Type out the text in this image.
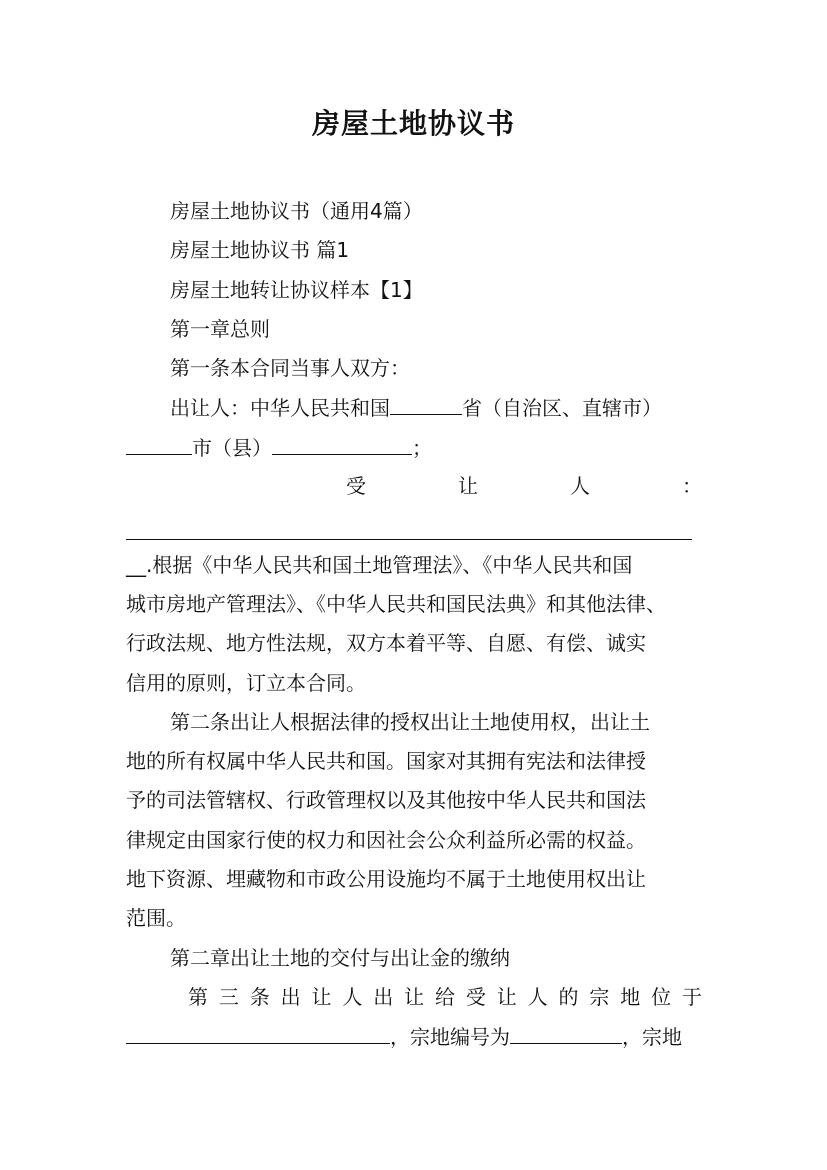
房屋土地协议书
房屋土地协议书（通用4篇）
房屋土地协议书 篇1
房屋土地转让协议样本【1】
第一章总则
第一条本合同当事人双方：
出让人：中华人民共和国	省（自治区、直辖市）
市（县）	；
受	让	人	：
__.根据《中华人民共和国土地管理法》、《中华人民共和国
城市房地产管理法》、《中华人民共和国民法典》和其他法律、
行政法规、地方性法规，双方本着平等、自愿、有偿、诚实
信用的原则，订立本合同。
第二条出让人根据法律的授权出让土地使用权，出让土
地的所有权属中华人民共和国。国家对其拥有宪法和法律授
予的司法管辖权、行政管理权以及其他按中华人民共和国法
律规定由国家行使的权力和因社会公众利益所必需的权益。
地下资源、埋藏物和市政公用设施均不属于土地使用权出让
范围。
第二章出让土地的交付与出让金的缴纳
第 三 条 出 让 人 出 让 给 受 让 人 的 宗 地 位 于
，宗地编号为	，宗地
